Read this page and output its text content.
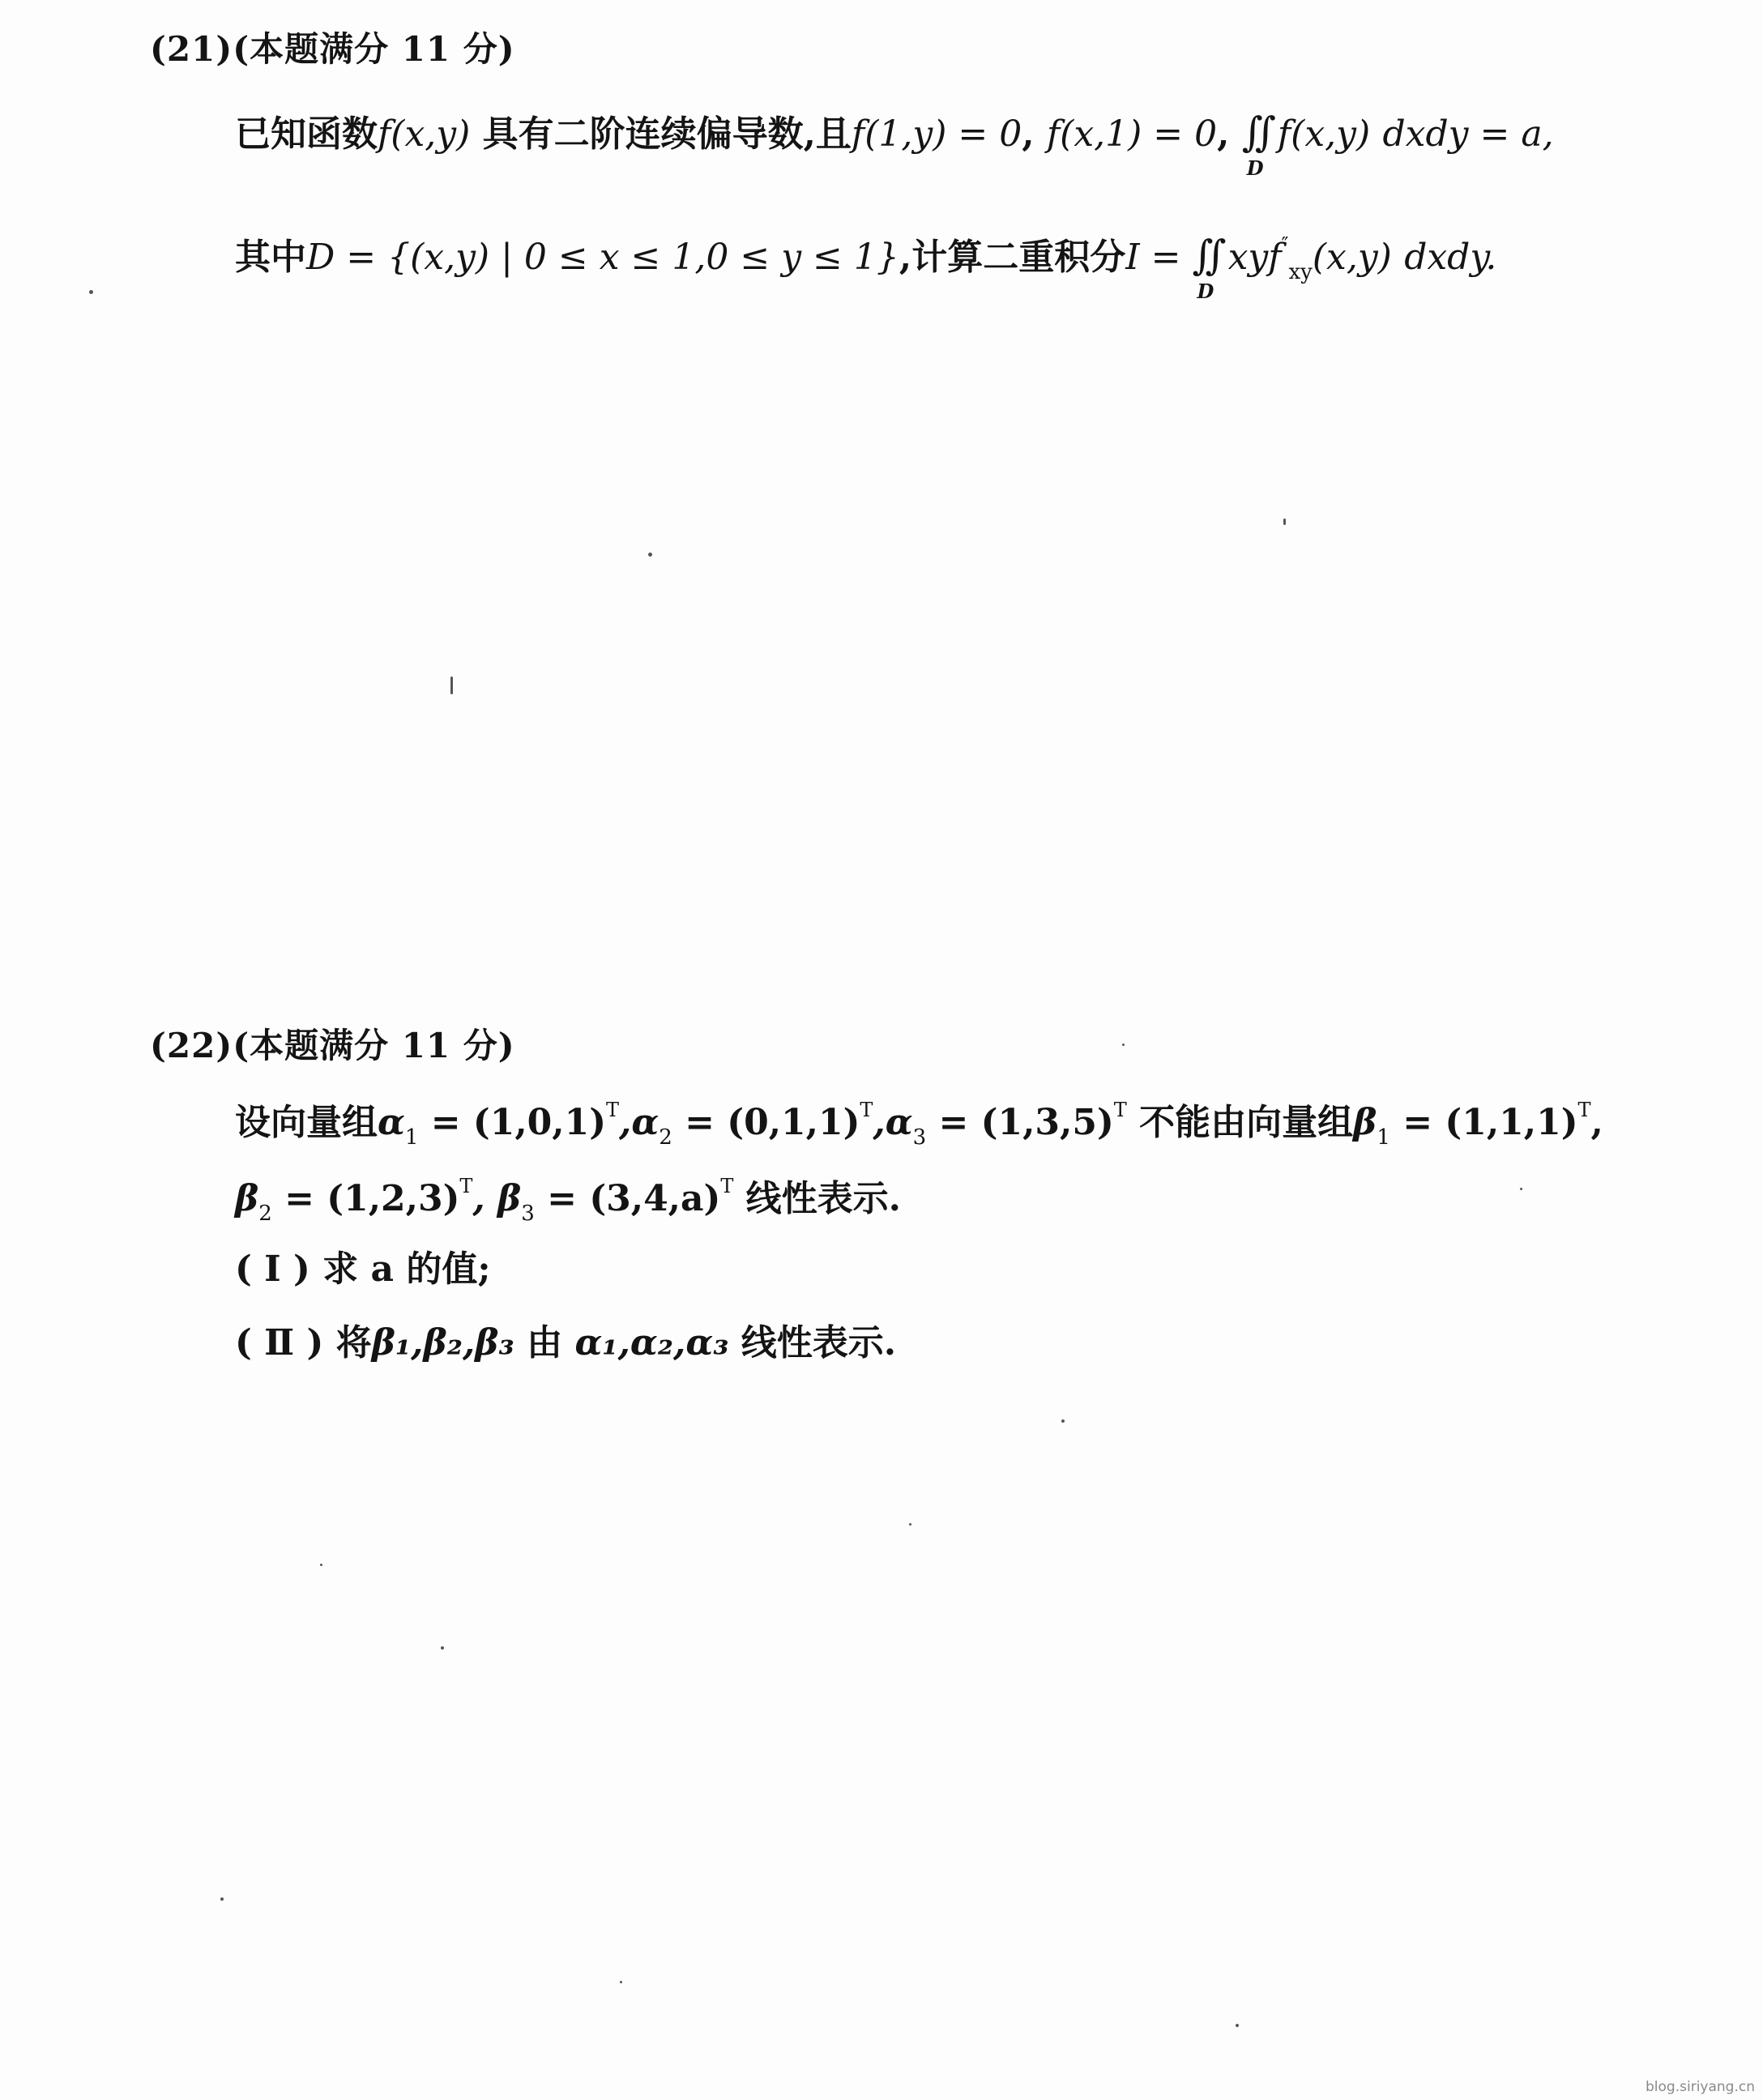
(21)(本题满分 11 分)
已知函数f(x,y) 具有二阶连续偏导数,且f(1,y) = 0, f(x,1) = 0, ∫∫
D
f(x,y) dxdy = a,
其中D = {(x,y) | 0 ≤ x ≤ 1,0 ≤ y ≤ 1},计算二重积分I = ∫∫
D
xyf″$_{xy}$(x,y) dxdy.
(22)(本题满分 11 分)
设向量组$\alpha_1 = (1,0,1)^T,\alpha_2 = (0,1,1)^T,\alpha_3 = (1,3,5)^T$ 不能由向量组$\beta_1 = (1,1,1)^T$,
$\beta_2 = (1,2,3)^T$, $\beta_3 = (3,4,a)^T$ 线性表示.
( Ⅰ ) 求 a 的值;
( Ⅱ ) 将β₁,β₂,β₃ 由 α₁,α₂,α₃ 线性表示.
blog.siriyang.cn
